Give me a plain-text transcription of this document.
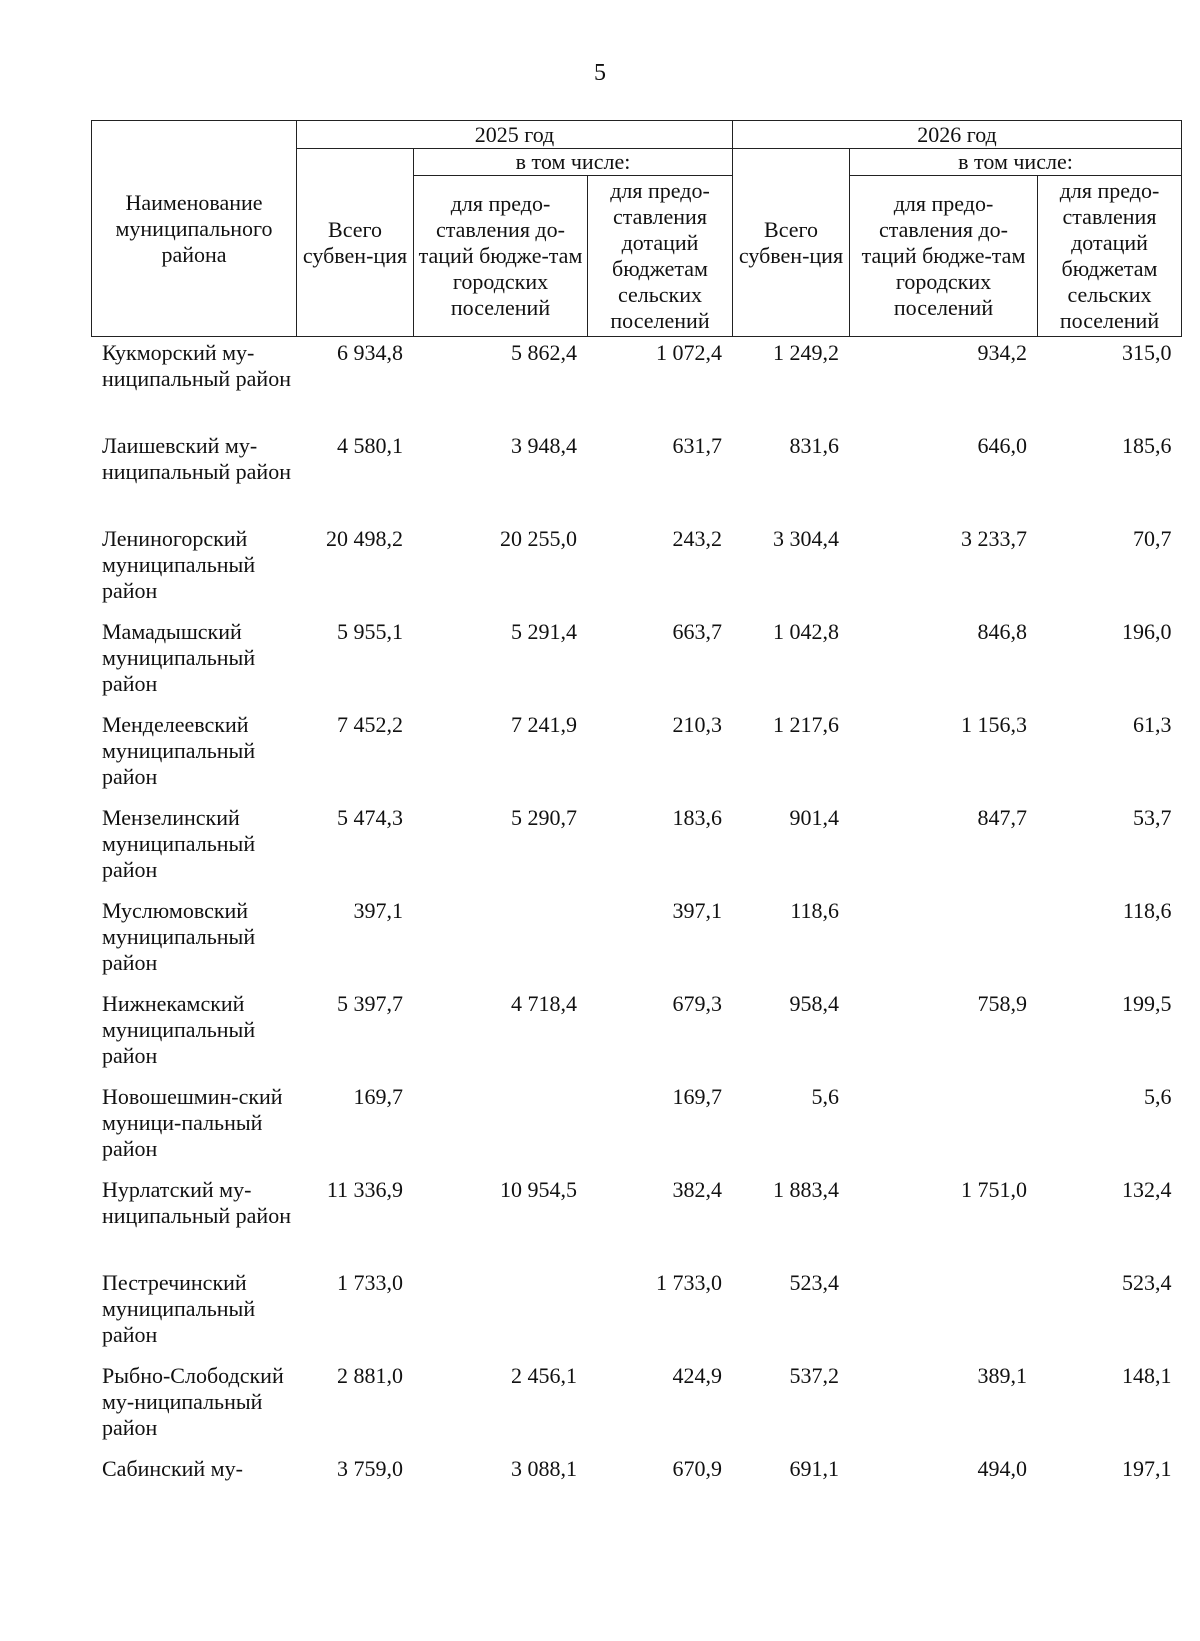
5
Наименование муниципального района	2025 год			2026 год		
	Всего субвен-ция	в том числе:		Всего субвен-ция	в том числе:	
		для предо-ставления до-таций бюдже-там городских поселений	для предо-ставления дотаций бюджетам сельских поселений		для предо-ставления до-таций бюдже-там городских поселений	для предо-ставления дотаций бюджетам сельских поселений
Кукморский му-ниципальный район	6 934,8	5 862,4	1 072,4	1 249,2	934,2	315,0
Лаишевский му-ниципальный район	4 580,1	3 948,4	631,7	831,6	646,0	185,6
Лениногорский муниципальный район	20 498,2	20 255,0	243,2	3 304,4	3 233,7	70,7
Мамадышский муниципальный район	5 955,1	5 291,4	663,7	1 042,8	846,8	196,0
Менделеевский муниципальный район	7 452,2	7 241,9	210,3	1 217,6	1 156,3	61,3
Мензелинский муниципальный район	5 474,3	5 290,7	183,6	901,4	847,7	53,7
Муслюмовский муниципальный район	397,1		397,1	118,6		118,6
Нижнекамский муниципальный район	5 397,7	4 718,4	679,3	958,4	758,9	199,5
Новошешмин-ский муници-пальный район	169,7		169,7	5,6		5,6
Нурлатский му-ниципальный район	11 336,9	10 954,5	382,4	1 883,4	1 751,0	132,4
Пестречинский муниципальный район	1 733,0		1 733,0	523,4		523,4
Рыбно-Слободский му-ниципальный район	2 881,0	2 456,1	424,9	537,2	389,1	148,1
Сабинский му-	3 759,0	3 088,1	670,9	691,1	494,0	197,1
